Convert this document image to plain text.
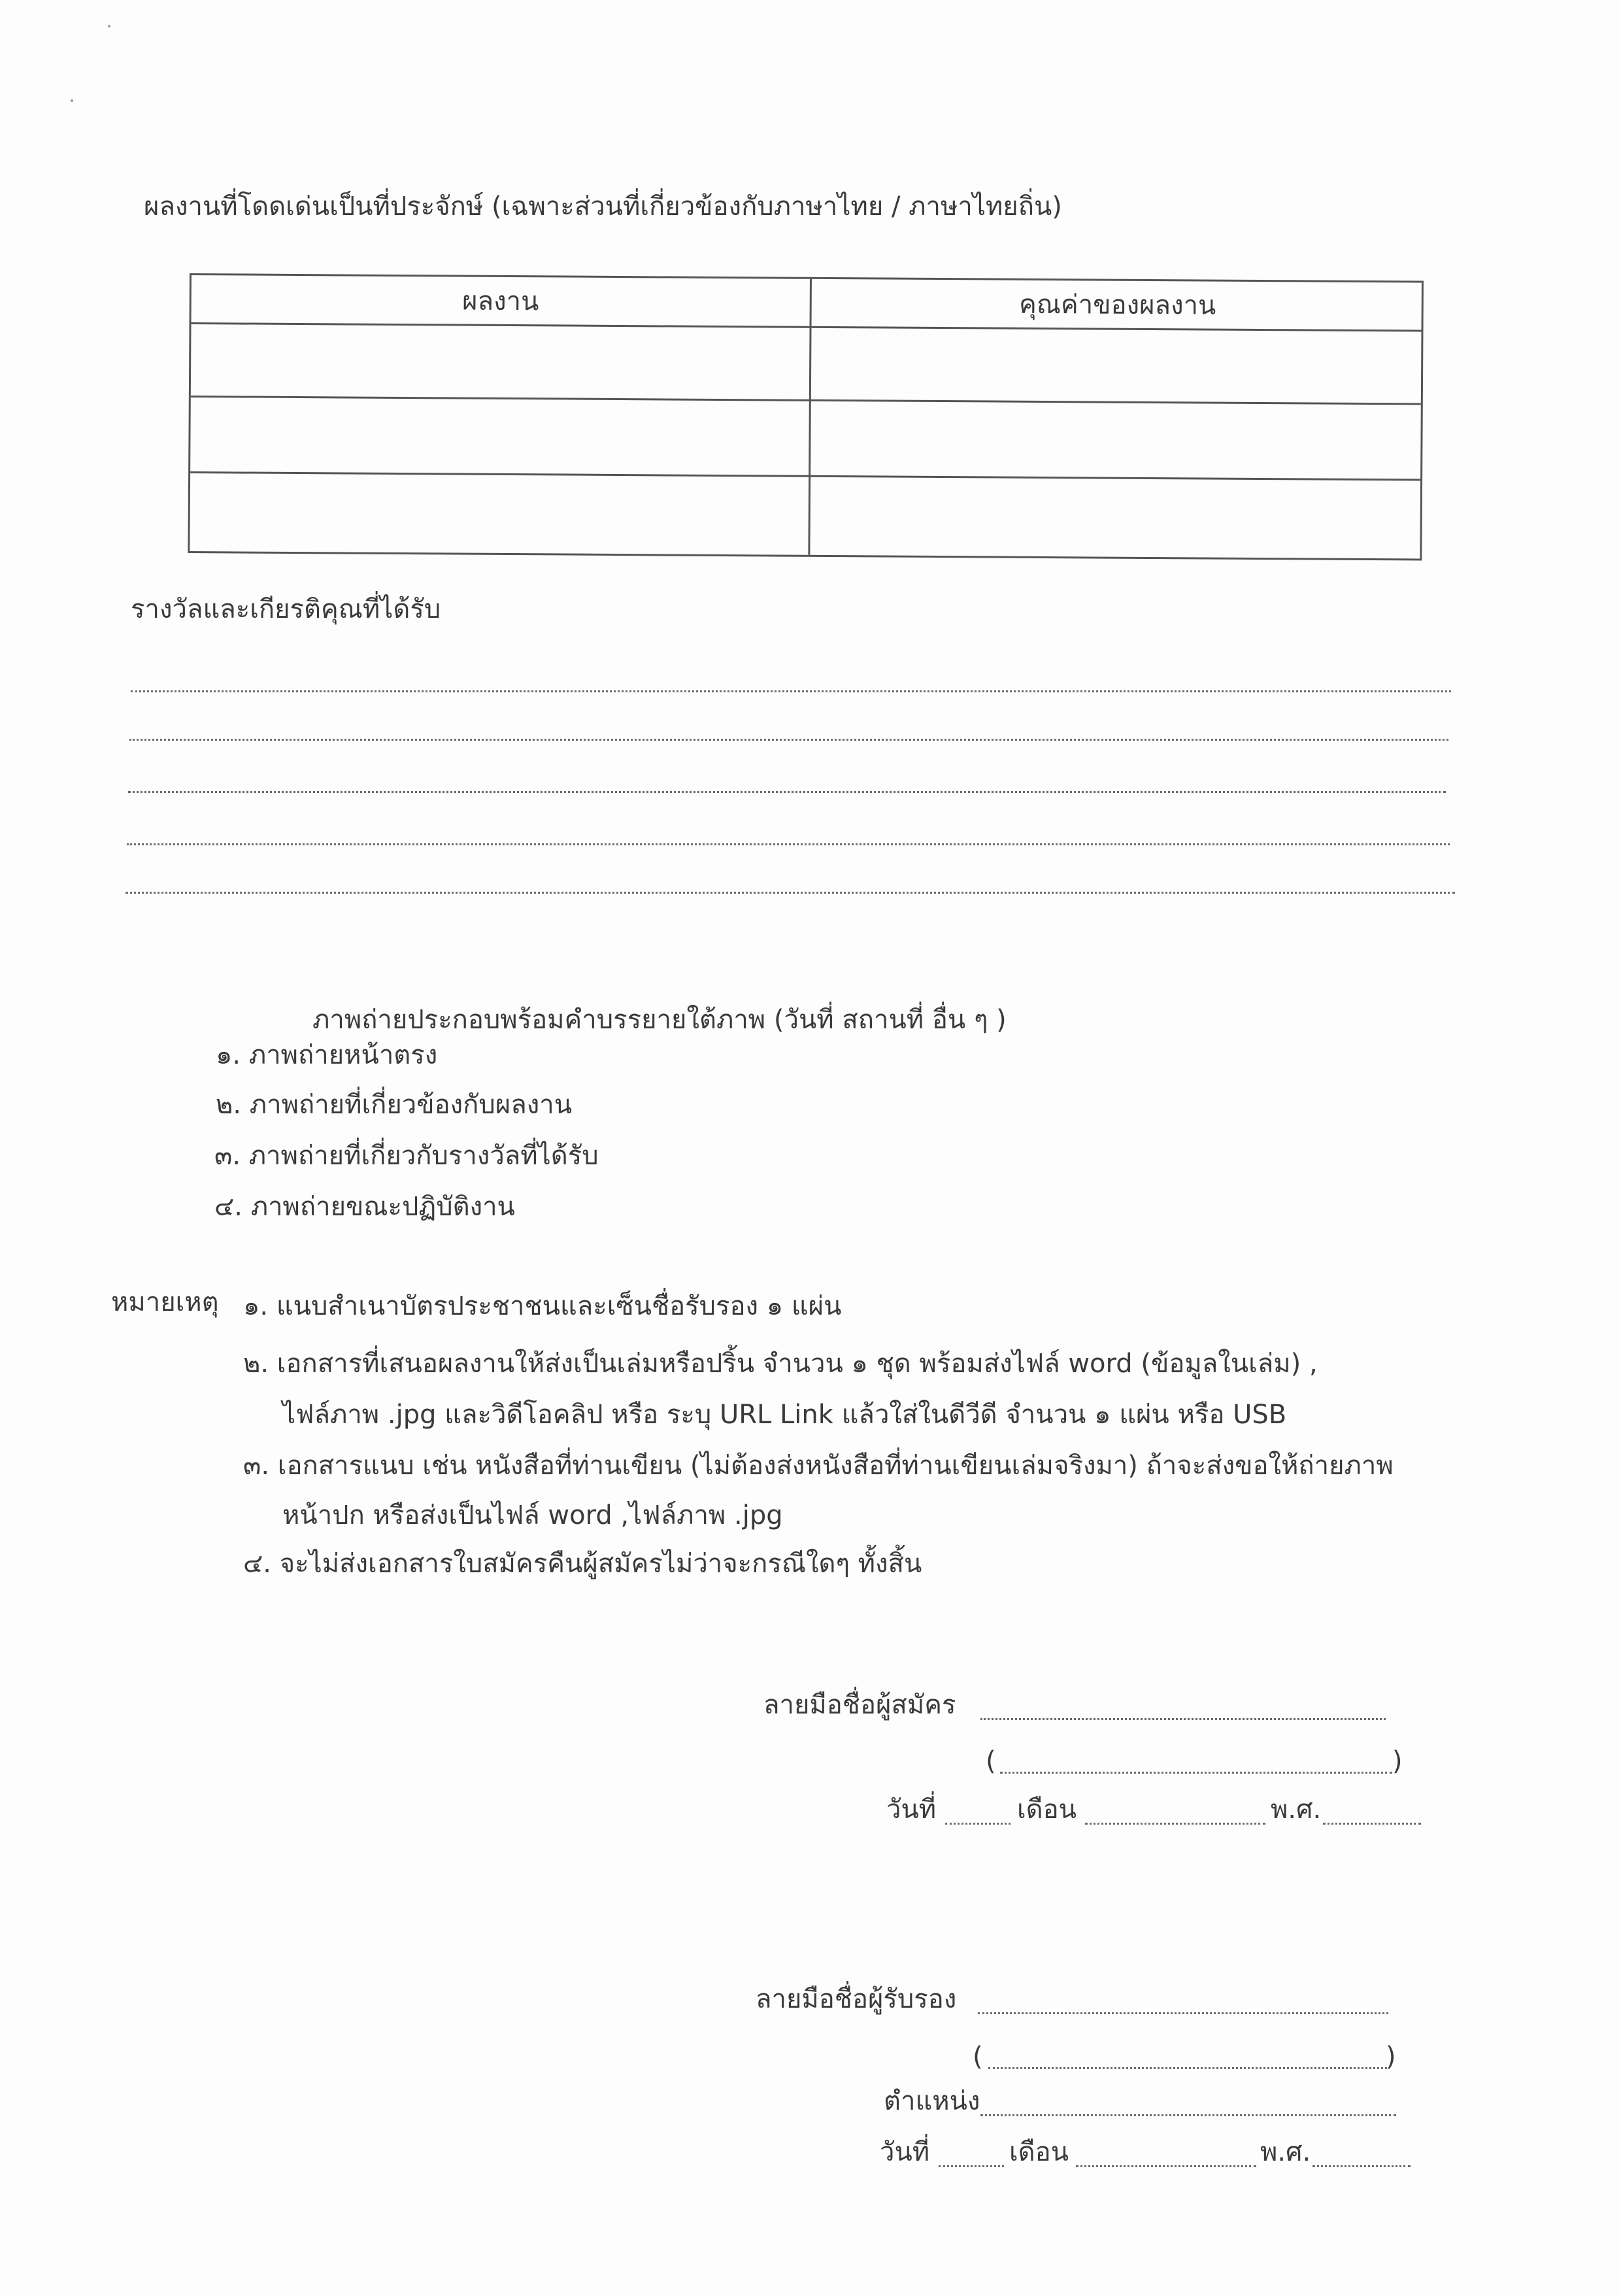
ผลงานที่โดดเด่นเป็นที่ประจักษ์ (เฉพาะส่วนที่เกี่ยวข้องกับภาษาไทย / ภาษาไทยถิ่น)
ผลงาน	คุณค่าของผลงาน
รางวัลและเกียรติคุณที่ได้รับ
ภาพถ่ายประกอบพร้อมคำบรรยายใต้ภาพ (วันที่ สถานที่ อื่น ๆ )
๑. ภาพถ่ายหน้าตรง
๒. ภาพถ่ายที่เกี่ยวข้องกับผลงาน
๓. ภาพถ่ายที่เกี่ยวกับรางวัลที่ได้รับ
๔. ภาพถ่ายขณะปฏิบัติงาน
หมายเหตุ ๑. แนบสำเนาบัตรประชาชนและเซ็นชื่อรับรอง ๑ แผ่น
๒. เอกสารที่เสนอผลงานให้ส่งเป็นเล่มหรือปริ้น จำนวน ๑ ชุด พร้อมส่งไฟล์ word (ข้อมูลในเล่ม) ,
ไฟล์ภาพ .jpg และวิดีโอคลิป หรือ ระบุ URL Link แล้วใส่ในดีวีดี จำนวน ๑ แผ่น หรือ USB
๓. เอกสารแนบ เช่น หนังสือที่ท่านเขียน (ไม่ต้องส่งหนังสือที่ท่านเขียนเล่มจริงมา) ถ้าจะส่งขอให้ถ่ายภาพ
หน้าปก หรือส่งเป็นไฟล์ word ,ไฟล์ภาพ .jpg
๔. จะไม่ส่งเอกสารใบสมัครคืนผู้สมัครไม่ว่าจะกรณีใดๆ ทั้งสิ้น
ลายมือชื่อผู้สมัคร
(	)
วันที่	เดือน	พ.ศ.
ลายมือชื่อผู้รับรอง
(	)
ตำแหน่ง
วันที่	เดือน	พ.ศ.
